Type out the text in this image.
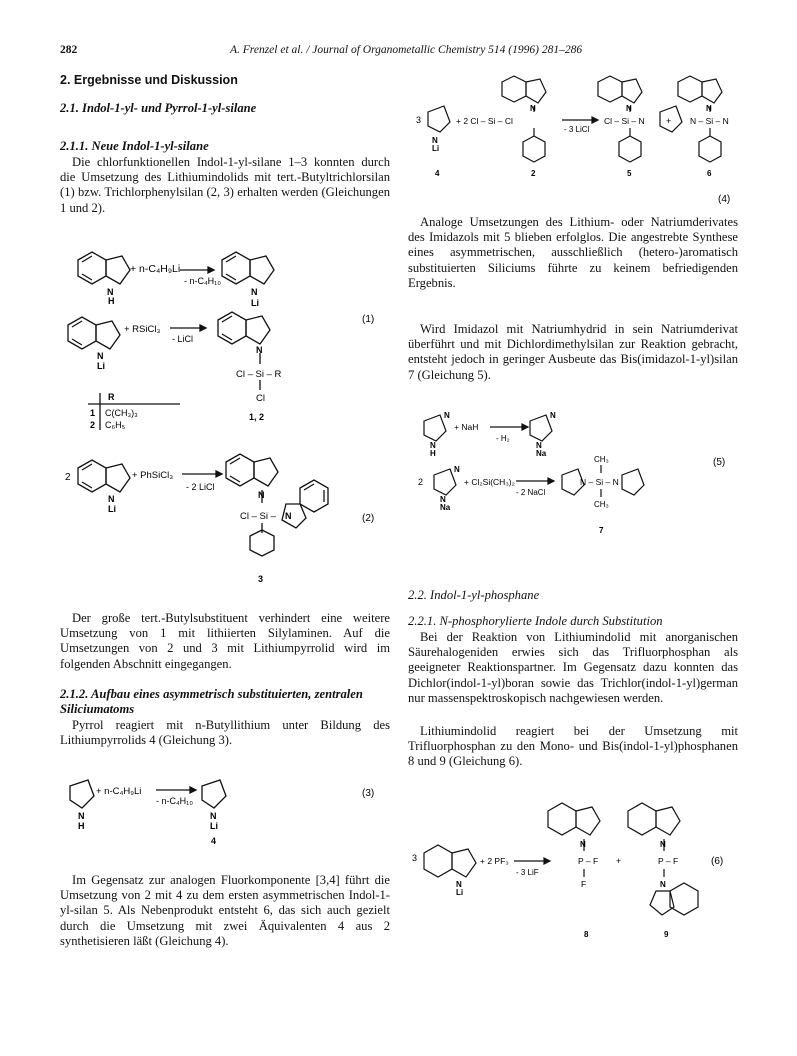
282	A. Frenzel et al. / Journal of Organometallic Chemistry 514 (1996) 281–286
2. Ergebnisse und Diskussion
2.1. Indol-1-yl- und Pyrrol-1-yl-silane
2.1.1. Neue Indol-1-yl-silane

Die chlorfunktionellen Indol-1-yl-silane 1–3 konnten durch die Umsetzung des Lithiumindolids mit tert.-Butyltrichlorsilan (1) bzw. Trichlorphenylsilan (2, 3) erhalten werden (Gleichungen 1 und 2).

+ n-C₄H₉Li
- n-C₄H₁₀
N
H
N
Li
+ RSiCl₃
- LiCl
N
Li
N
Cl – Si – R
Cl
R
1 C(CH₃)₃
2 C₆H₅
1, 2
(1)
2	+ PhSiCl₃
- 2 LiCl
N
Li
N
Cl – Si – N
3
(2)

Der große tert.-Butylsubstituent verhindert eine weitere Umsetzung von 1 mit lithiierten Silylaminen. Auf die Umsetzungen von 2 und 3 mit Lithiumpyrrolid wird im folgenden Abschnitt eingegangen.

2.1.2. Aufbau eines asymmetrisch substituierten, zentralen Siliciumatoms

Pyrrol reagiert mit n-Butyllithium unter Bildung des Lithiumpyrrolids 4 (Gleichung 3).

+ n-C₄H₉Li
- n-C₄H₁₀
N
H
N
Li
4
(3)

Im Gegensatz zur analogen Fluorkomponente [3,4] führt die Umsetzung von 2 mit 4 zu dem ersten asymmetrischen Indol-1-yl-silan 5. Als Nebenprodukt entsteht 6, das sich auch gezielt durch die Umsetzung mit zwei Äquivalenten 4 aus 2 synthetisieren läßt (Gleichung 4).

3
N
Li
+ 2 Cl – Si – Cl
N
- 3 LiCl
N
Cl – Si – N +
N
N – Si – N
4	2	5	6
(4)

Analoge Umsetzungen des Lithium- oder Natriumderivates des Imidazols mit 5 blieben erfolglos. Die angestrebte Synthese eines asymmetrischen, ausschließlich (hetero-)aromatisch substituierten Siliciums führte zu keinem befriedigenden Ergebnis.

Wird Imidazol mit Natriumhydrid in sein Natriumderivat überführt und mit Dichlordimethylsilan zur Reaktion gebracht, entsteht jedoch in geringer Ausbeute das Bis(imidazol-1-yl)silan 7 (Gleichung 5).

N
N
H
+ NaH
- H₂
N
N
Na
2
N
N
Na
+ Cl₂Si(CH₃)₂
- 2 NaCl
CH₃
N – Si – N
CH₃
7
(5)
2.2. Indol-1-yl-phosphane
2.2.1. N-phosphorylierte Indole durch Substitution

Bei der Reaktion von Lithiumindolid mit anorganischen Säurehalogeniden erwies sich das Trifluorphosphan als geeigneter Reaktionspartner. Im Gegensatz dazu konnten das Dichlor(indol-1-yl)boran sowie das Trichlor(indol-1-yl)german nur massenspektroskopisch nachgewiesen werden.

Lithiumindolid reagiert bei der Umsetzung mit Trifluorphosphan zu den Mono- und Bis(indol-1-yl)phosphanen 8 und 9 (Gleichung 6).

3
N
Li
+ 2 PF₃
- 3 LiF
N
P – F
F
+
N
P – F
N
(6)
8	9
